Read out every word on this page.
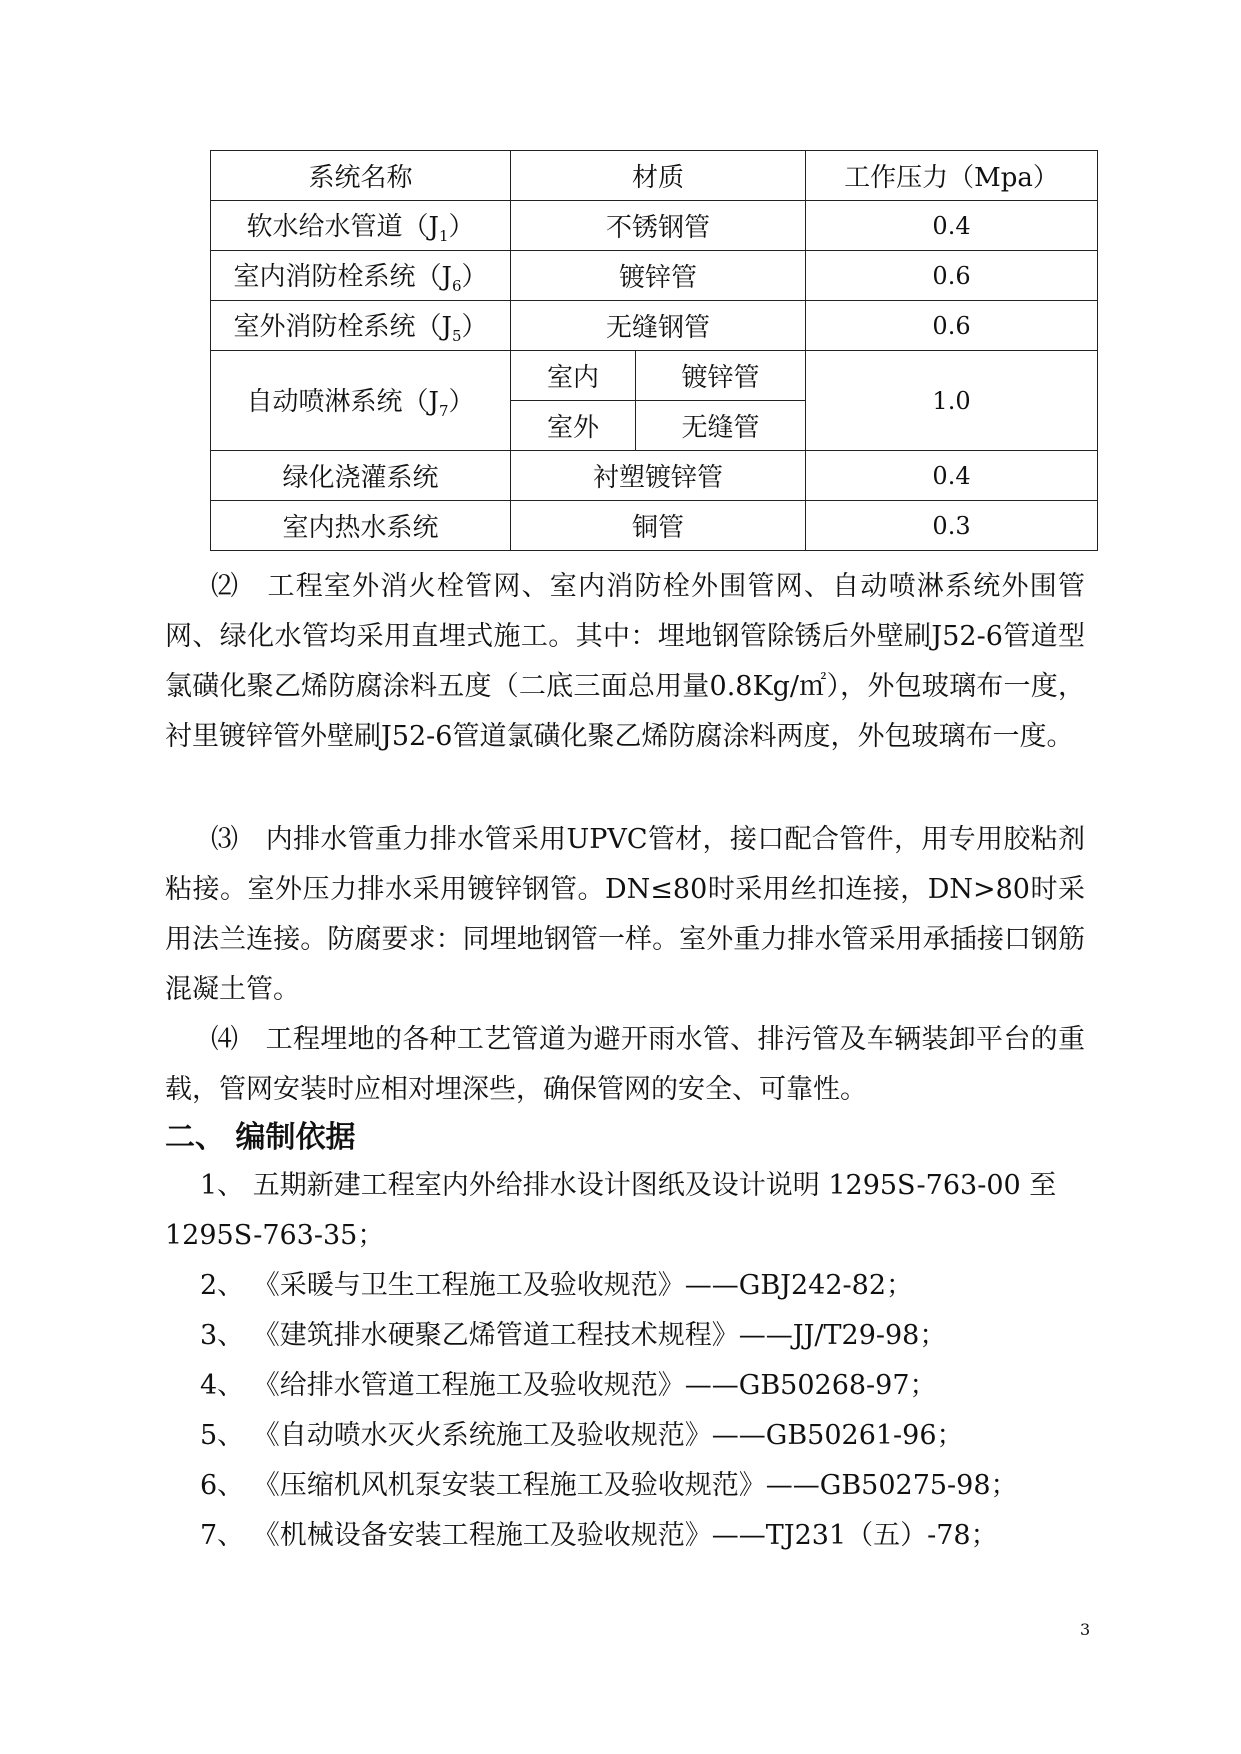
系统名称	材质		工作压力（Mpa）
软水给水管道$(J_1)$	不锈钢管		0.4
室内消防栓系统$(J_6)$	镀锌管		0.6
室外消防栓系统$(J_5)$	无缝钢管		0.6
自动喷淋系统$(J_7)$	室内	镀锌管	1.0
	室外	无缝管	
绿化浇灌系统	衬塑镀锌管		0.4
室内热水系统	铜管		0.3

⑵　 工程室外消火栓管网、室内消防栓外围管网、自动喷淋系统外围管网、绿化水管均采用直埋式施工。其中：埋地钢管除锈后外壁刷J52-6管道型氯磺化聚乙烯防腐涂料五度（二底三面总用量0.8Kg/㎡），外包玻璃布一度，衬里镀锌管外壁刷J52-6管道氯磺化聚乙烯防腐涂料两度，外包玻璃布一度。

⑶　 内排水管重力排水管采用UPVC管材，接口配合管件，用专用胶粘剂粘接。室外压力排水采用镀锌钢管。DN≤80时采用丝扣连接，DN>80时采用法兰连接。防腐要求：同埋地钢管一样。室外重力排水管采用承插接口钢筋混凝土管。

⑷　 工程埋地的各种工艺管道为避开雨水管、排污管及车辆装卸平台的重载，管网安装时应相对埋深些，确保管网的安全、可靠性。

二、 编制依据
1、 五期新建工程室内外给排水设计图纸及设计说明 1295S-763-00 至
1295S-763-35；
2、 《采暖与卫生工程施工及验收规范》——GBJ242-82；
3、 《建筑排水硬聚乙烯管道工程技术规程》——JJ/T29-98；
4、 《给排水管道工程施工及验收规范》——GB50268-97；
5、 《自动喷水灭火系统施工及验收规范》——GB50261-96；
6、 《压缩机风机泵安装工程施工及验收规范》——GB50275-98；
7、 《机械设备安装工程施工及验收规范》——TJ231（五）-78；
3
